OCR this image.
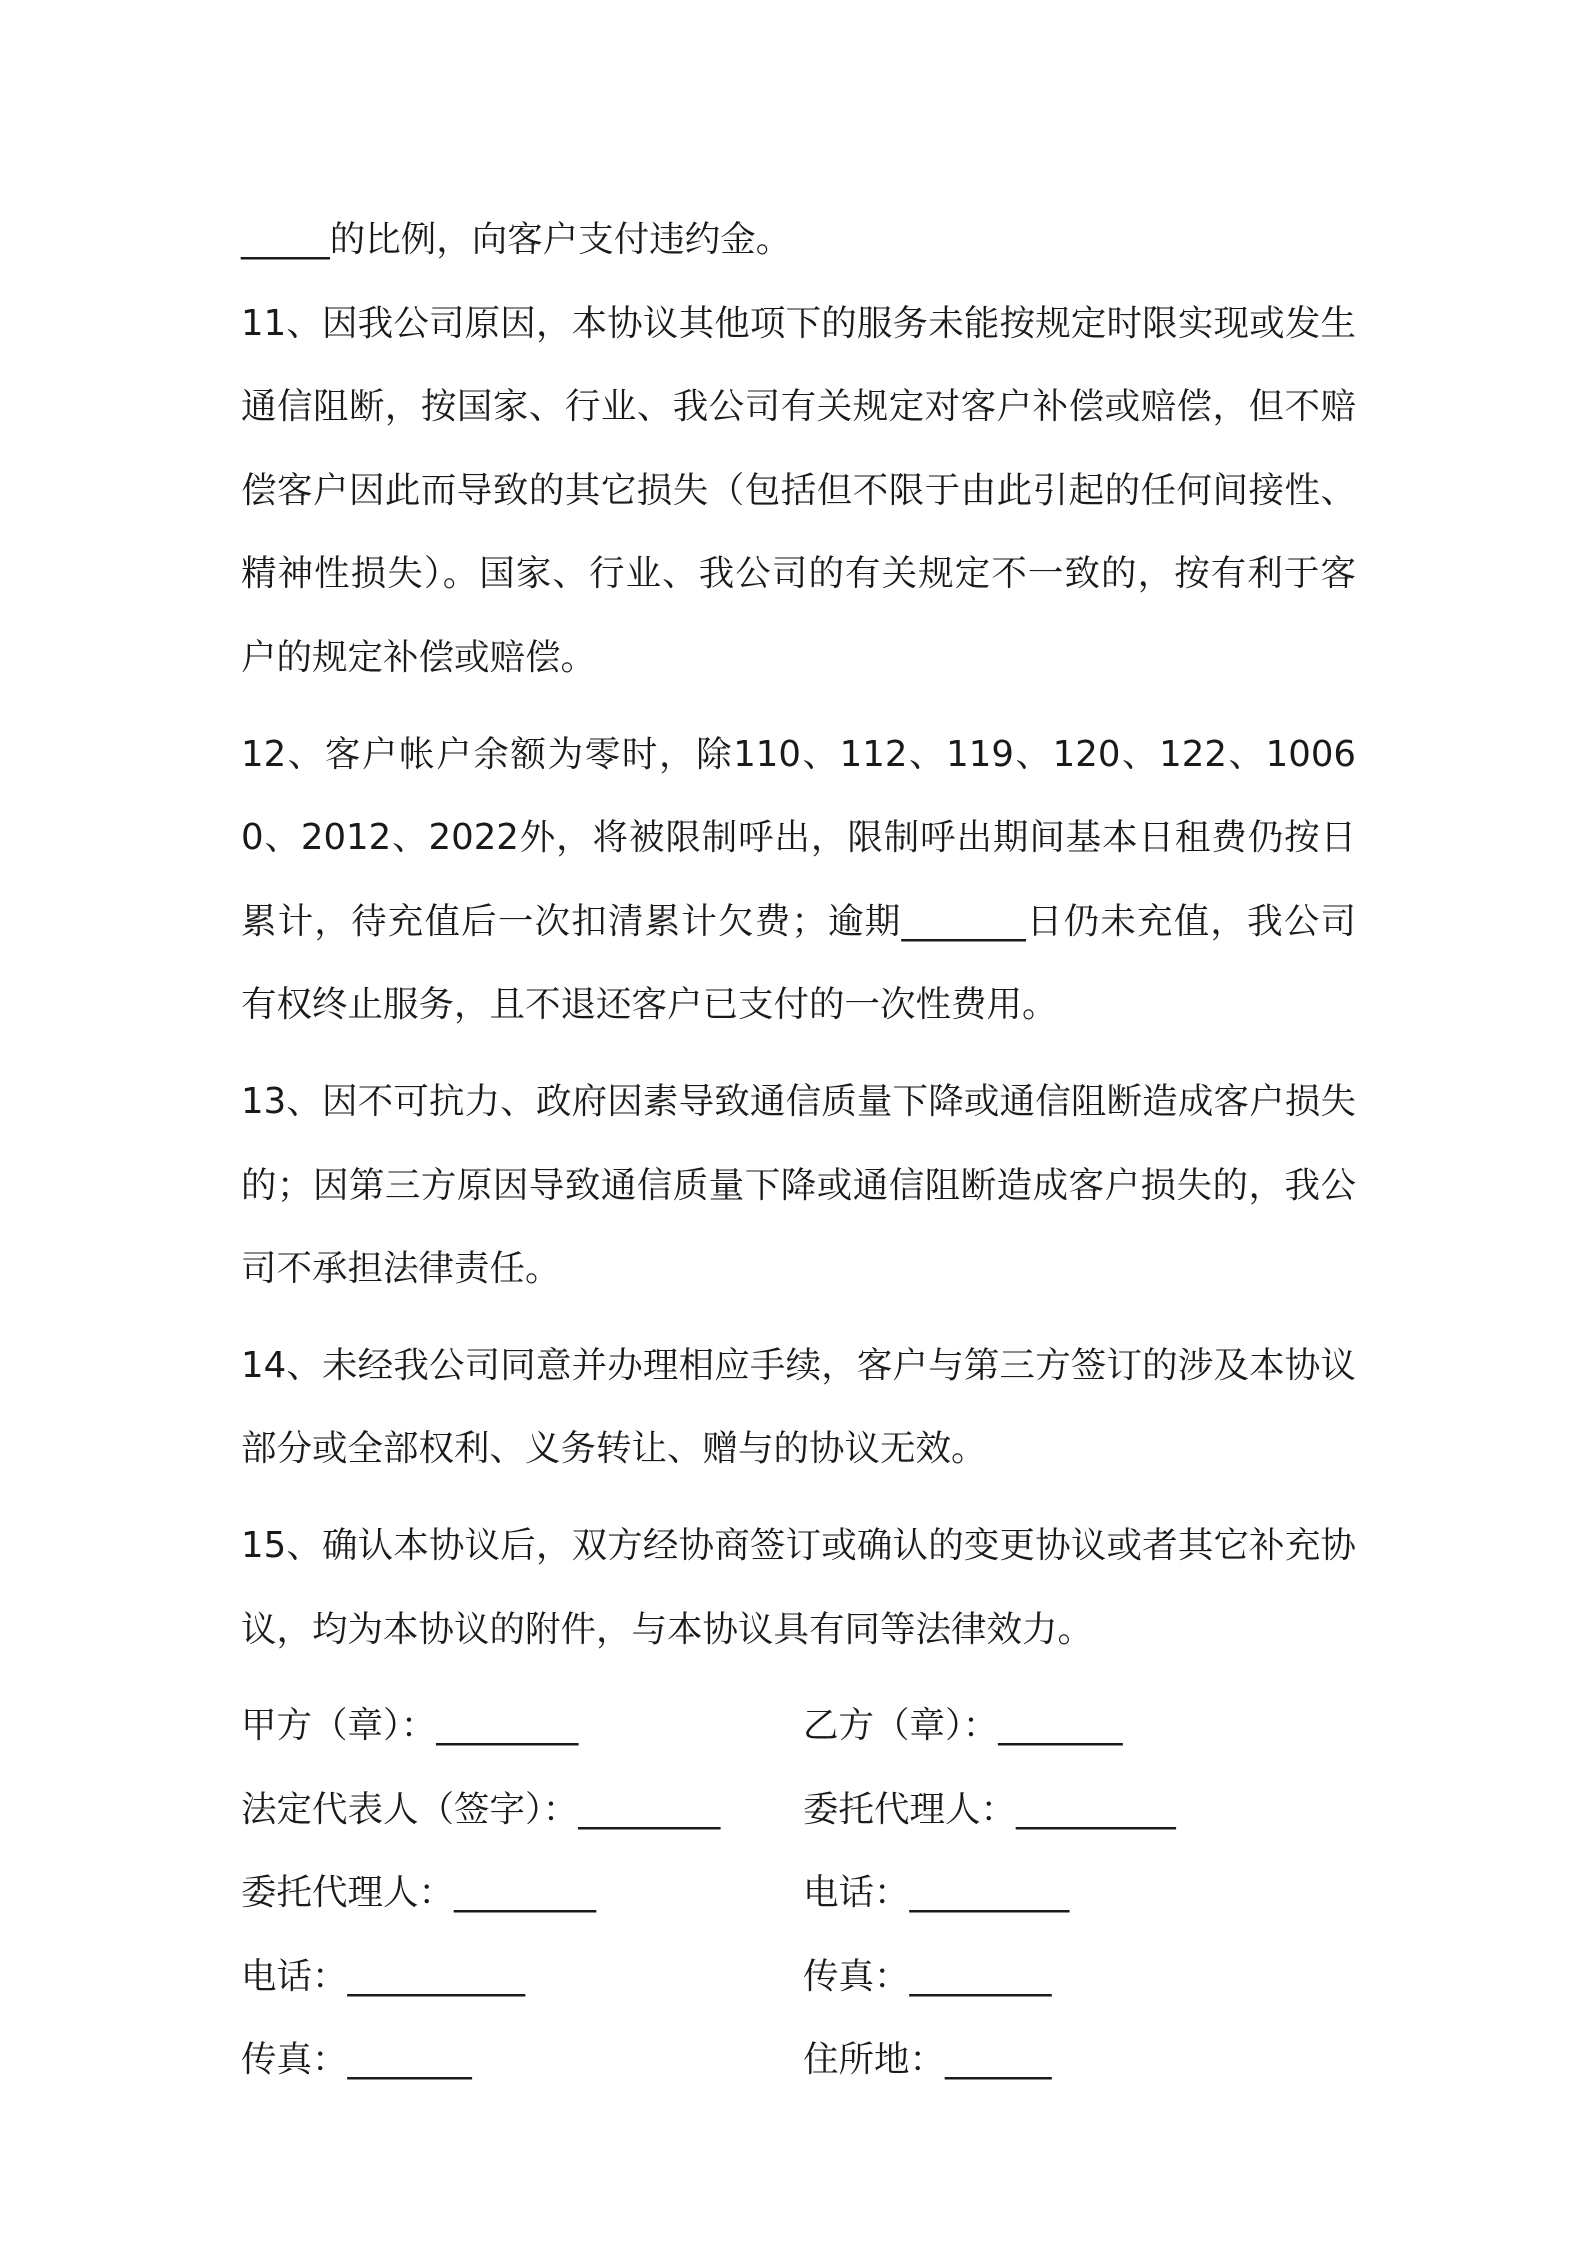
_____的比例，向客户支付违约金。

11、因我公司原因，本协议其他项下的服务未能按规定时限实现或发生通信阻断，按国家、行业、我公司有关规定对客户补偿或赔偿，但不赔偿客户因此而导致的其它损失（包括但不限于由此引起的任何间接性、精神性损失）。国家、行业、我公司的有关规定不一致的，按有利于客户的规定补偿或赔偿。

12、客户帐户余额为零时，除110、112、119、120、122、10060、2012、2022外，将被限制呼出，限制呼出期间基本日租费仍按日累计，待充值后一次扣清累计欠费；逾期_______日仍未充值，我公司有权终止服务，且不退还客户已支付的一次性费用。

13、因不可抗力、政府因素导致通信质量下降或通信阻断造成客户损失的；因第三方原因导致通信质量下降或通信阻断造成客户损失的，我公司不承担法律责任。

14、未经我公司同意并办理相应手续，客户与第三方签订的涉及本协议部分或全部权利、义务转让、赠与的协议无效。

15、确认本协议后，双方经协商签订或确认的变更协议或者其它补充协议，均为本协议的附件，与本协议具有同等法律效力。

甲方（章）：________	乙方（章）：_______
法定代表人（签字）：________	委托代理人：_________
委托代理人：________	电话：_________
电话：__________	传真：________
传真：_______	住所地：______
